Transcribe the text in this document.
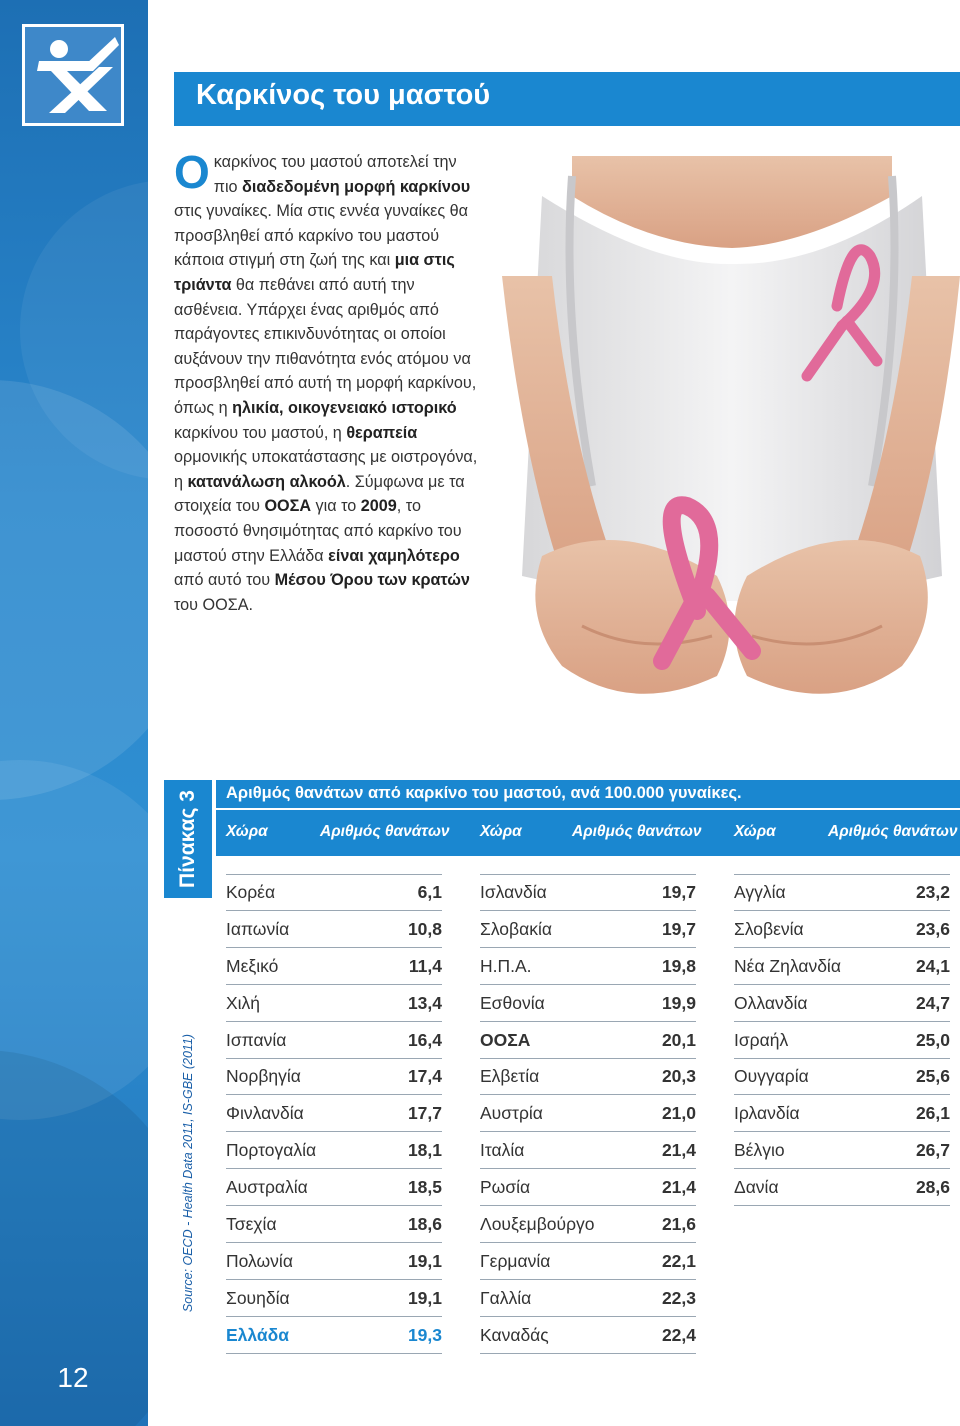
12
Καρκίνος του μαστού
Ο καρκίνος του μαστού αποτελεί την πιο διαδεδομένη μορφή καρκίνου στις γυναίκες. Μία στις εννέα γυναίκες θα προσβληθεί από καρκίνο του μαστού κάποια στιγμή στη ζωή της και μια στις τριάντα θα πεθάνει από αυτή την ασθένεια. Υπάρχει ένας αριθμός από παράγοντες επικινδυνότητας οι οποίοι αυξάνουν την πιθανότητα ενός ατόμου να προσβληθεί από αυτή τη μορφή καρκίνου, όπως η ηλικία, οικογενειακό ιστορικό καρκίνου του μαστού, η θεραπεία ορμονικής υποκατάστασης με οιστρογόνα, η κατανάλωση αλκοόλ. Σύμφωνα με τα στοιχεία του ΟΟΣΑ για το 2009, το ποσοστό θνησιμότητας από καρκίνο του μαστού στην Ελλάδα είναι χαμηλότερο από αυτό του Μέσου Όρου των κρατών του ΟΟΣΑ.
Πίνακας 3
Source: OECD - Health Data 2011, IS-GBE (2011)
Αριθμός θανάτων από καρκίνο του μαστού, ανά 100.000 γυναίκες.
Χώρα	Αριθμός θανάτων Χώρα	Αριθμός θανάτων Χώρα	Αριθμός θανάτων
Κορέα	6,1
Ιαπωνία	10,8
Μεξικό	11,4
Χιλή	13,4
Ισπανία	16,4
Νορβηγία	17,4
Φινλανδία	17,7
Πορτογαλία	18,1
Αυστραλία	18,5
Τσεχία	18,6
Πολωνία	19,1
Σουηδία	19,1
Ελλάδα	19,3
Ισλανδία	19,7
Σλοβακία	19,7
Η.Π.Α.	19,8
Εσθονία	19,9
ΟΟΣΑ	20,1
Ελβετία	20,3
Αυστρία	21,0
Ιταλία	21,4
Ρωσία	21,4
Λουξεμβούργο	21,6
Γερμανία	22,1
Γαλλία	22,3
Καναδάς	22,4
Αγγλία	23,2
Σλοβενία	23,6
Νέα Ζηλανδία	24,1
Ολλανδία	24,7
Ισραήλ	25,0
Ουγγαρία	25,6
Ιρλανδία	26,1
Βέλγιο	26,7
Δανία	28,6
